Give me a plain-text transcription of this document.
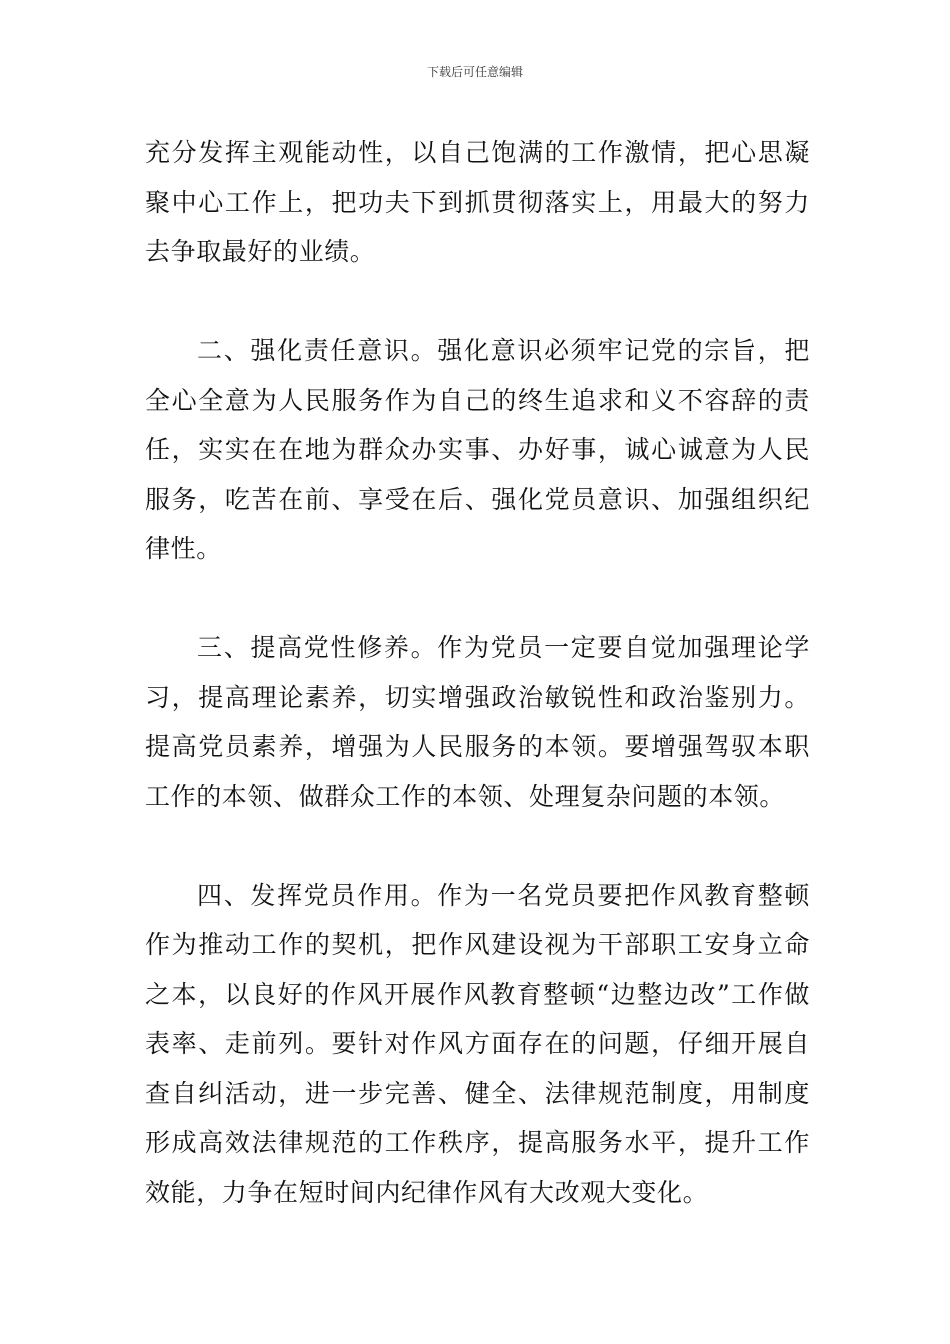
下载后可任意编辑

充分发挥主观能动性，以自己饱满的工作激情，把心思凝聚中心工作上，把功夫下到抓贯彻落实上，用最大的努力去争取最好的业绩。

二、强化责任意识。强化意识必须牢记党的宗旨，把全心全意为人民服务作为自己的终生追求和义不容辞的责任，实实在在地为群众办实事、办好事，诚心诚意为人民服务，吃苦在前、享受在后、强化党员意识、加强组织纪律性。

三、提高党性修养。作为党员一定要自觉加强理论学习，提高理论素养，切实增强政治敏锐性和政治鉴别力。提高党员素养，增强为人民服务的本领。要增强驾驭本职工作的本领、做群众工作的本领、处理复杂问题的本领。

四、发挥党员作用。作为一名党员要把作风教育整顿作为推动工作的契机，把作风建设视为干部职工安身立命之本，以良好的作风开展作风教育整顿“边整边改”工作做表率、走前列。要针对作风方面存在的问题，仔细开展自查自纠活动，进一步完善、健全、法律规范制度，用制度形成高效法律规范的工作秩序，提高服务水平，提升工作效能，力争在短时间内纪律作风有大改观大变化。
